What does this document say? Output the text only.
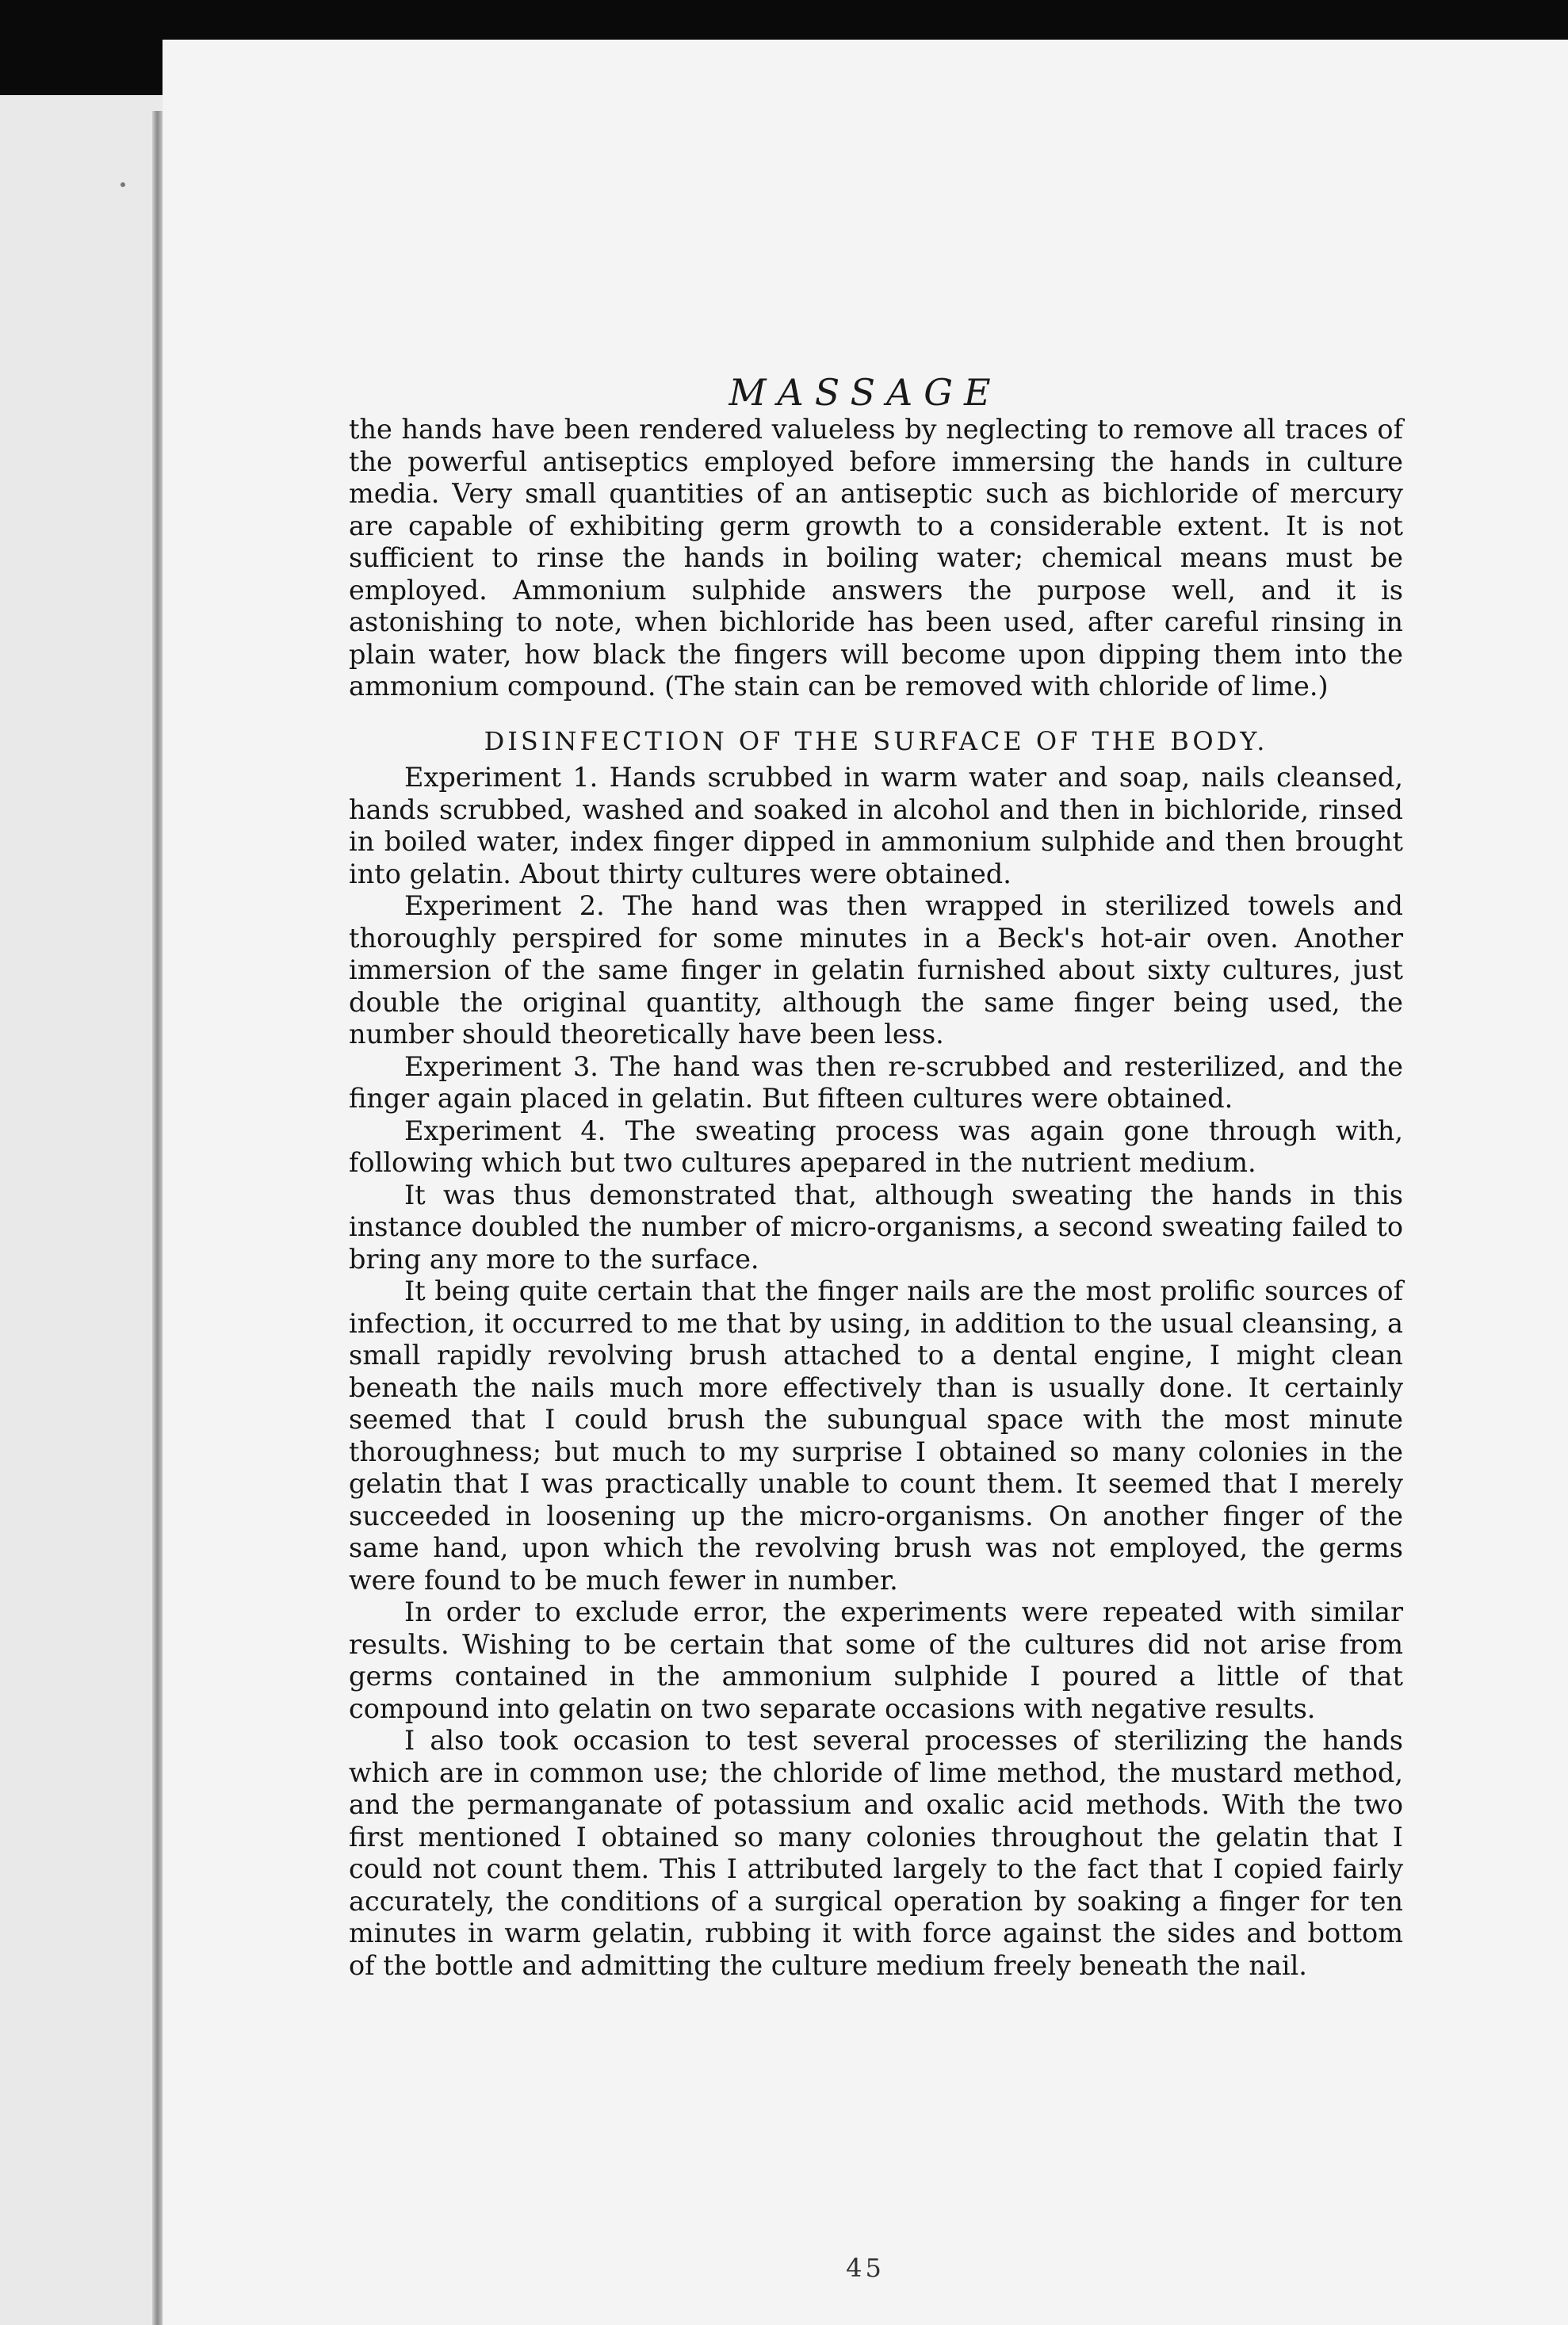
MASSAGE

the hands have been rendered valueless by neglecting to remove all traces of the powerful antiseptics employed before immersing the hands in culture media. Very small quantities of an antiseptic such as bichloride of mercury are capable of exhibiting germ growth to a considerable extent. It is not sufficient to rinse the hands in boiling water; chemical means must be employed. Ammonium sulphide answers the purpose well, and it is astonishing to note, when bichloride has been used, after careful rinsing in plain water, how black the fingers will become upon dipping them into the ammonium compound. (The stain can be removed with chloride of lime.)

DISINFECTION OF THE SURFACE OF THE BODY.

Experiment 1. Hands scrubbed in warm water and soap, nails cleansed, hands scrubbed, washed and soaked in alcohol and then in bichloride, rinsed in boiled water, index finger dipped in ammonium sulphide and then brought into gelatin. About thirty cultures were obtained.

Experiment 2. The hand was then wrapped in sterilized towels and thoroughly perspired for some minutes in a Beck's hot-air oven. Another immersion of the same finger in gelatin furnished about sixty cultures, just double the original quantity, although the same finger being used, the number should theoretically have been less.

Experiment 3. The hand was then re-scrubbed and resterilized, and the finger again placed in gelatin. But fifteen cultures were obtained.

Experiment 4. The sweating process was again gone through with, following which but two cultures apepared in the nutrient medium.

It was thus demonstrated that, although sweating the hands in this instance doubled the number of micro-organisms, a second sweating failed to bring any more to the surface.

It being quite certain that the finger nails are the most prolific sources of infection, it occurred to me that by using, in addition to the usual cleansing, a small rapidly revolving brush attached to a dental engine, I might clean beneath the nails much more effectively than is usually done. It certainly seemed that I could brush the subungual space with the most minute thoroughness; but much to my surprise I obtained so many colonies in the gelatin that I was practically unable to count them. It seemed that I merely succeeded in loosening up the micro-organisms. On another finger of the same hand, upon which the revolving brush was not employed, the germs were found to be much fewer in number.

In order to exclude error, the experiments were repeated with similar results. Wishing to be certain that some of the cultures did not arise from germs contained in the ammonium sulphide I poured a little of that compound into gelatin on two separate occasions with negative results.

I also took occasion to test several processes of sterilizing the hands which are in common use; the chloride of lime method, the mustard method, and the permanganate of potassium and oxalic acid methods. With the two first mentioned I obtained so many colonies throughout the gelatin that I could not count them. This I attributed largely to the fact that I copied fairly accurately, the conditions of a surgical operation by soaking a finger for ten minutes in warm gelatin, rubbing it with force against the sides and bottom of the bottle and admitting the culture medium freely beneath the nail.

45
